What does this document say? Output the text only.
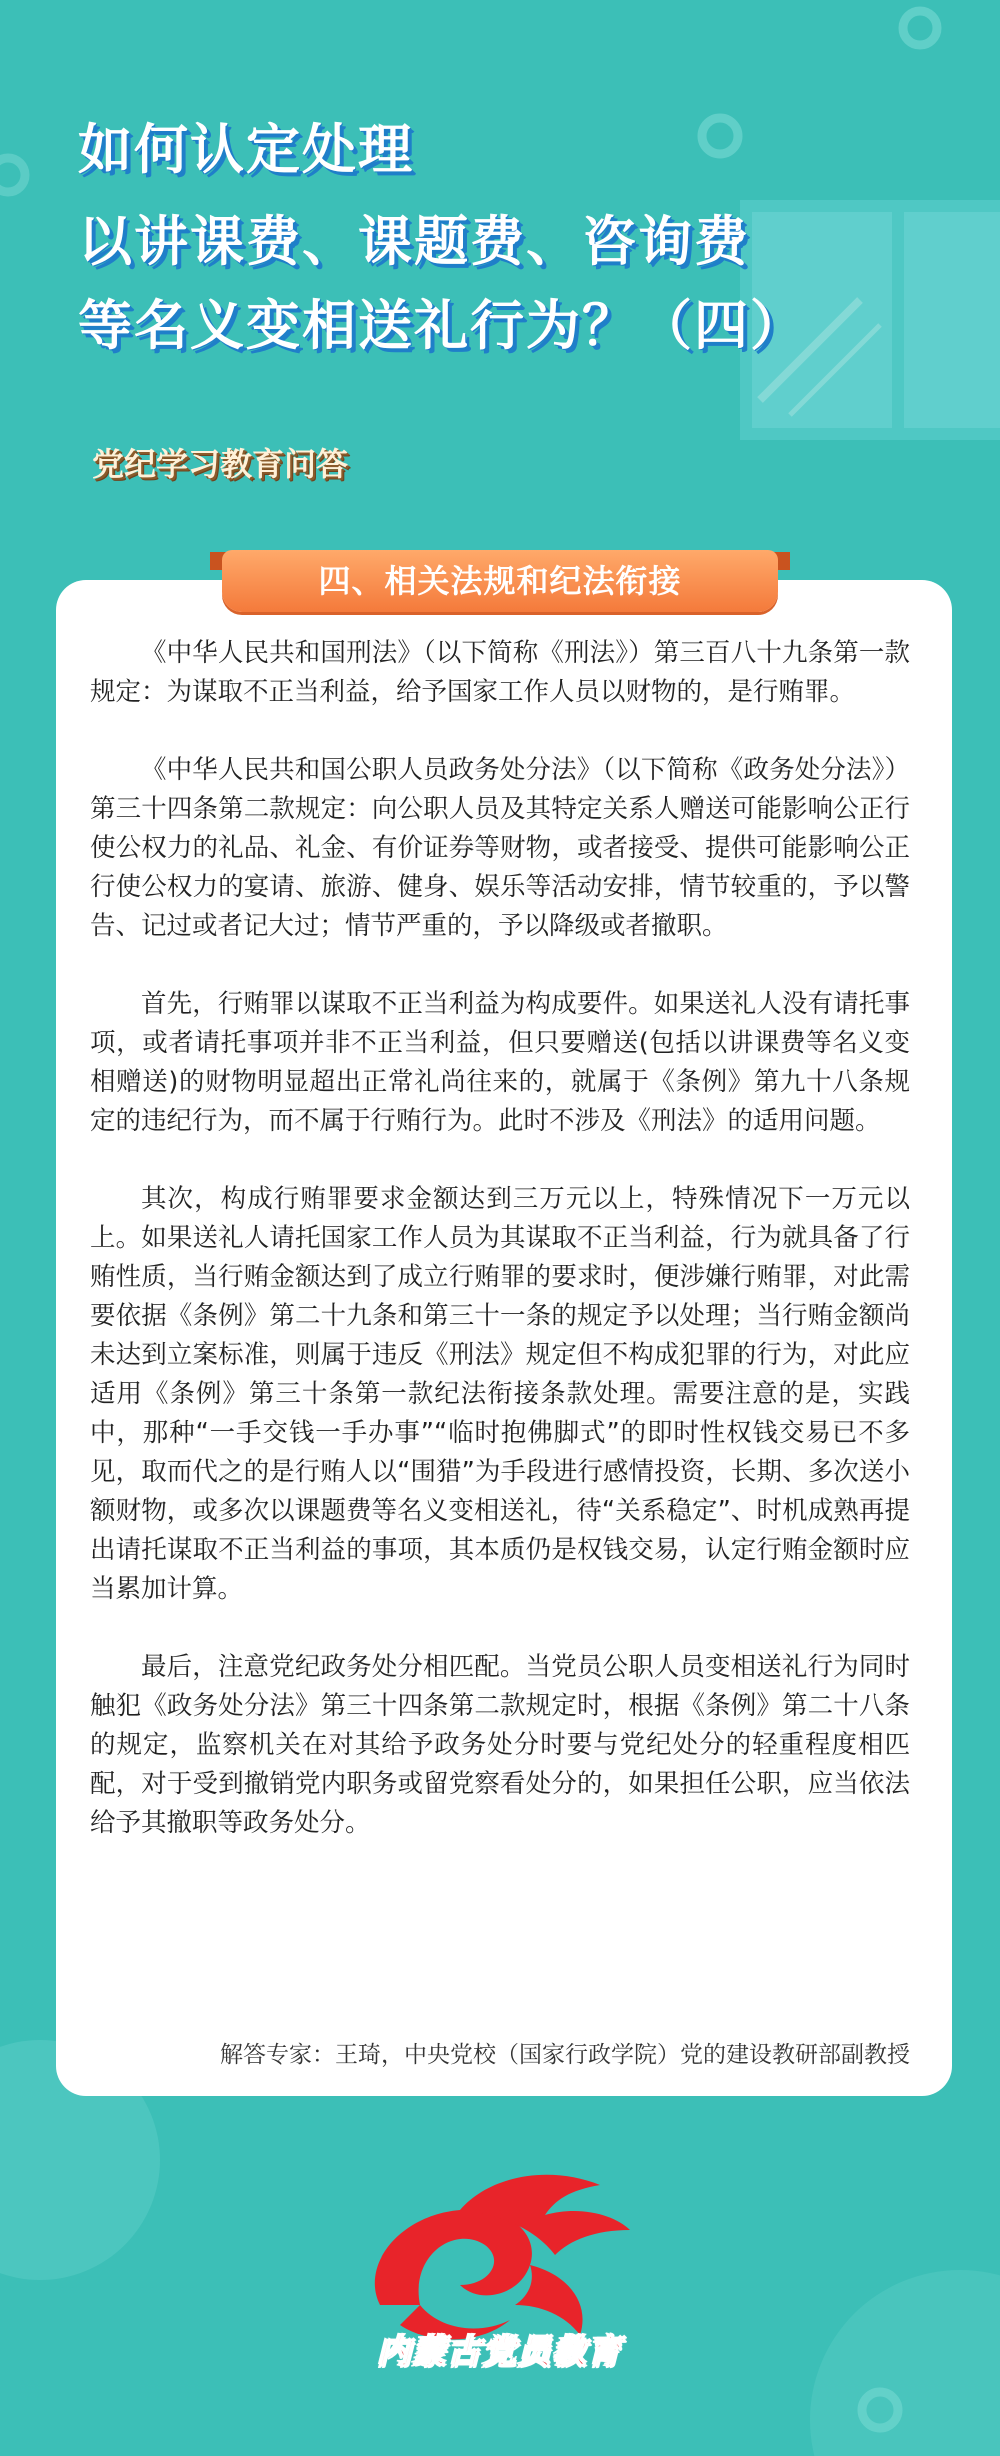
如何认定处理
以讲课费、课题费、咨询费
等名义变相送礼行为？（四）
党纪学习教育问答
四、相关法规和纪法衔接

《中华人民共和国刑法》（以下简称《刑法》）第三百八十九条第一款规定：为谋取不正当利益，给予国家工作人员以财物的，是行贿罪。

《中华人民共和国公职人员政务处分法》（以下简称《政务处分法》）第三十四条第二款规定：向公职人员及其特定关系人赠送可能影响公正行使公权力的礼品、礼金、有价证券等财物，或者接受、提供可能影响公正行使公权力的宴请、旅游、健身、娱乐等活动安排，情节较重的，予以警告、记过或者记大过；情节严重的，予以降级或者撤职。

首先，行贿罪以谋取不正当利益为构成要件。如果送礼人没有请托事项，或者请托事项并非不正当利益，但只要赠送(包括以讲课费等名义变相赠送)的财物明显超出正常礼尚往来的，就属于《条例》第九十八条规定的违纪行为，而不属于行贿行为。此时不涉及《刑法》的适用问题。

其次，构成行贿罪要求金额达到三万元以上，特殊情况下一万元以上。如果送礼人请托国家工作人员为其谋取不正当利益，行为就具备了行贿性质，当行贿金额达到了成立行贿罪的要求时，便涉嫌行贿罪，对此需要依据《条例》第二十九条和第三十一条的规定予以处理；当行贿金额尚未达到立案标准，则属于违反《刑法》规定但不构成犯罪的行为，对此应适用《条例》第三十条第一款纪法衔接条款处理。需要注意的是，实践中，那种“一手交钱一手办事”“临时抱佛脚式”的即时性权钱交易已不多见，取而代之的是行贿人以“围猎”为手段进行感情投资，长期、多次送小额财物，或多次以课题费等名义变相送礼，待“关系稳定”、时机成熟再提出请托谋取不正当利益的事项，其本质仍是权钱交易，认定行贿金额时应当累加计算。

最后，注意党纪政务处分相匹配。当党员公职人员变相送礼行为同时触犯《政务处分法》第三十四条第二款规定时，根据《条例》第二十八条的规定，监察机关在对其给予政务处分时要与党纪处分的轻重程度相匹配，对于受到撤销党内职务或留党察看处分的，如果担任公职，应当依法给予其撤职等政务处分。

解答专家：王琦，中央党校（国家行政学院）党的建设教研部副教授
内蒙古党员教育
